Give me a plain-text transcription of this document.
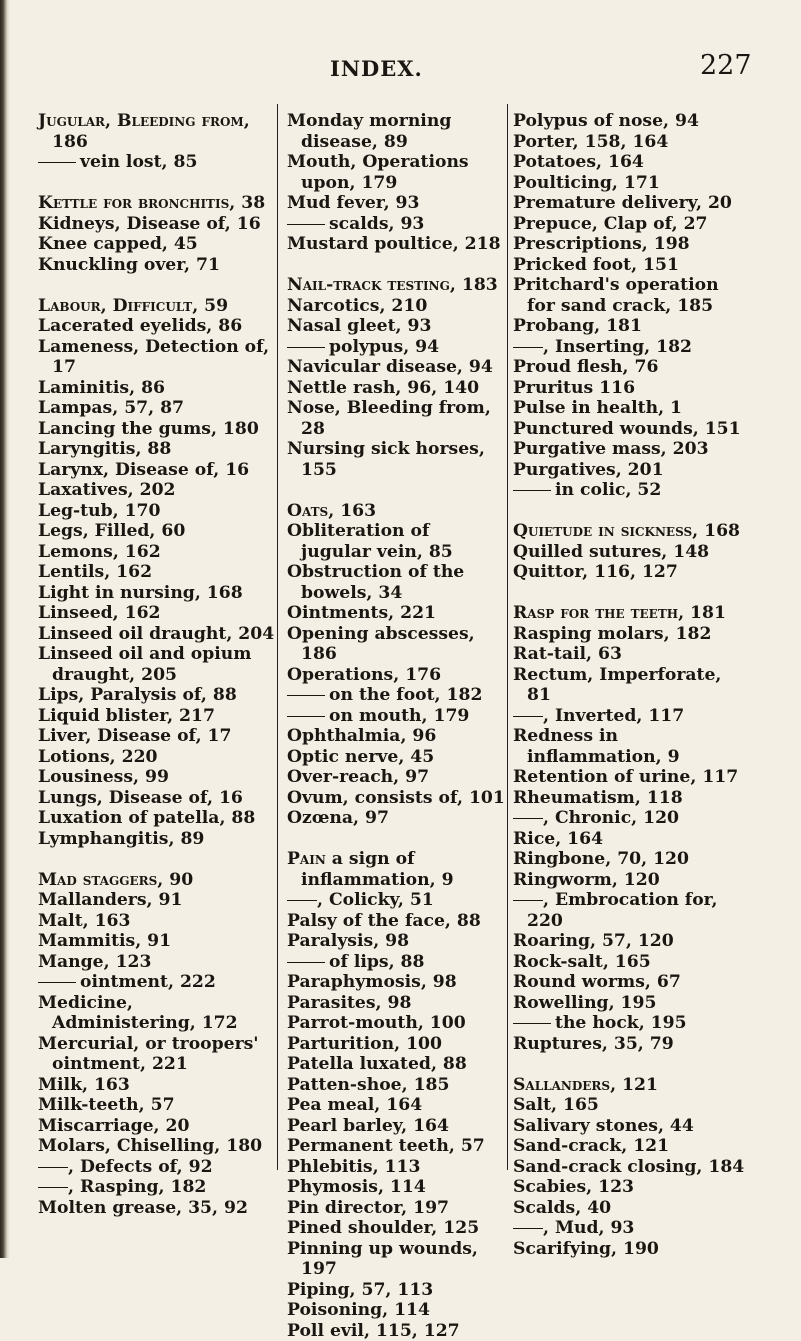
INDEX.	227

Jugular, Bleeding from, 186

vein lost, 85

Kettle for bronchitis, 38

Kidneys, Disease of, 16

Knee capped, 45

Knuckling over, 71

Labour, Difficult, 59

Lacerated eyelids, 86

Lameness, Detection of, 17

Laminitis, 86

Lampas, 57, 87

Lancing the gums, 180

Laryngitis, 88

Larynx, Disease of, 16

Laxatives, 202

Leg-tub, 170

Legs, Filled, 60

Lemons, 162

Lentils, 162

Light in nursing, 168

Linseed, 162

Linseed oil draught, 204

Linseed oil and opium draught, 205

Lips, Paralysis of, 88

Liquid blister, 217

Liver, Disease of, 17

Lotions, 220

Lousiness, 99

Lungs, Disease of, 16

Luxation of patella, 88

Lymphangitis, 89

Mad staggers, 90

Mallanders, 91

Malt, 163

Mammitis, 91

Mange, 123

ointment, 222

Medicine, Administering, 172

Mercurial, or troopers' ointment, 221

Milk, 163

Milk-teeth, 57

Miscarriage, 20

Molars, Chiselling, 180

, Defects of, 92

, Rasping, 182

Molten grease, 35, 92

Monday morning disease, 89

Mouth, Operations upon, 179

Mud fever, 93

scalds, 93

Mustard poultice, 218

Nail-track testing, 183

Narcotics, 210

Nasal gleet, 93

polypus, 94

Navicular disease, 94

Nettle rash, 96, 140

Nose, Bleeding from, 28

Nursing sick horses, 155

Oats, 163

Obliteration of jugular vein, 85

Obstruction of the bowels, 34

Ointments, 221

Opening abscesses, 186

Operations, 176

on the foot, 182

on mouth, 179

Ophthalmia, 96

Optic nerve, 45

Over-reach, 97

Ovum, consists of, 101

Ozœna, 97

Pain a sign of inflammation, 9

, Colicky, 51

Palsy of the face, 88

Paralysis, 98

of lips, 88

Paraphymosis, 98

Parasites, 98

Parrot-mouth, 100

Parturition, 100

Patella luxated, 88

Patten-shoe, 185

Pea meal, 164

Pearl barley, 164

Permanent teeth, 57

Phlebitis, 113

Phymosis, 114

Pin director, 197

Pined shoulder, 125

Pinning up wounds, 197

Piping, 57, 113

Poisoning, 114

Poll evil, 115, 127

Polypus of nose, 94

Porter, 158, 164

Potatoes, 164

Poulticing, 171

Premature delivery, 20

Prepuce, Clap of, 27

Prescriptions, 198

Pricked foot, 151

Pritchard's operation for sand crack, 185

Probang, 181

, Inserting, 182

Proud flesh, 76

Pruritus 116

Pulse in health, 1

Punctured wounds, 151

Purgative mass, 203

Purgatives, 201

in colic, 52

Quietude in sickness, 168

Quilled sutures, 148

Quittor, 116, 127

Rasp for the teeth, 181

Rasping molars, 182

Rat-tail, 63

Rectum, Imperforate, 81

, Inverted, 117

Redness in inflammation, 9

Retention of urine, 117

Rheumatism, 118

, Chronic, 120

Rice, 164

Ringbone, 70, 120

Ringworm, 120

, Embrocation for, 220

Roaring, 57, 120

Rock-salt, 165

Round worms, 67

Rowelling, 195

the hock, 195

Ruptures, 35, 79

Sallanders, 121

Salt, 165

Salivary stones, 44

Sand-crack, 121

Sand-crack closing, 184

Scabies, 123

Scalds, 40

, Mud, 93

Scarifying, 190
